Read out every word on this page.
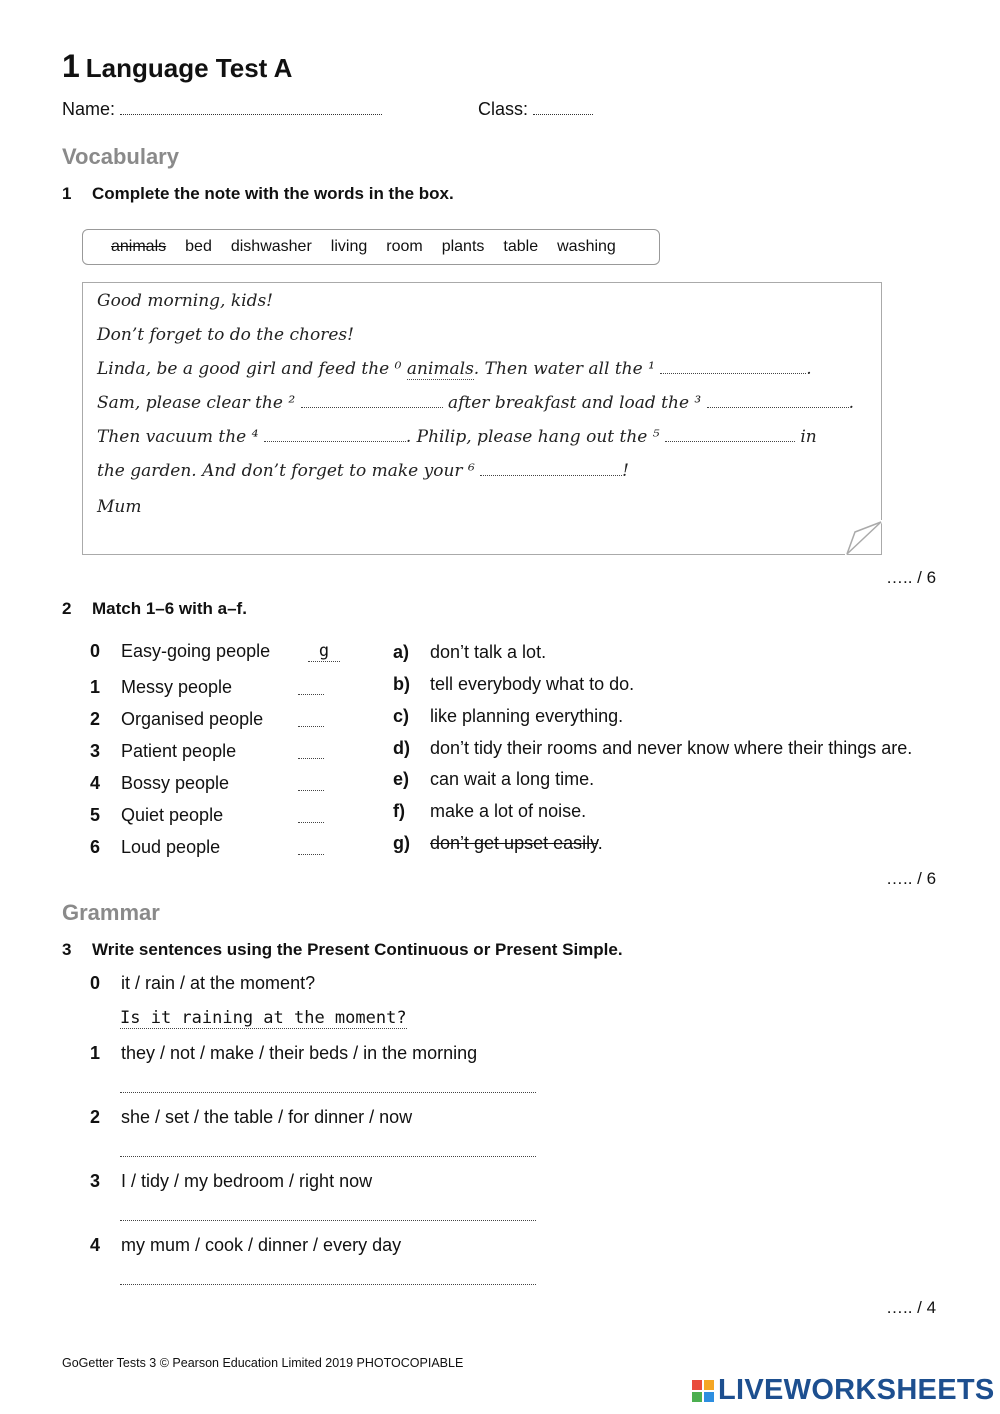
1 Language Test A
Name:	Class:
Vocabulary
1 Complete the note with the words in the box.
animals bed dishwasher living room plants table washing
Good morning, kids!
Don’t forget to do the chores!
Linda, be a good girl and feed the ⁰ animals. Then water all the ¹	.
Sam, please clear the ²	after breakfast and load the ³	.
Then vacuum the ⁴	. Philip, please hang out the ⁵	in
the garden. And don’t forget to make your ⁶	!
Mum
….. / 6
2 Match 1–6 with a–f.
0 Easy-going people	g
1 Messy people
2 Organised people
3 Patient people
4 Bossy people
5 Quiet people
6 Loud people
a) don’t talk a lot.
b) tell everybody what to do.
c) like planning everything.
d) don’t tidy their rooms and never know where their things are.
e) can wait a long time.
f) make a lot of noise.
g) don’t get upset easily.
….. / 6
Grammar
3 Write sentences using the Present Continuous or Present Simple.
0 it / rain / at the moment?
Is it raining at the moment?
1 they / not / make / their beds / in the morning
2 she / set / the table / for dinner / now
3 I / tidy / my bedroom / right now
4 my mum / cook / dinner / every day
….. / 4
GoGetter Tests 3 © Pearson Education Limited 2019 PHOTOCOPIABLE
LIVEWORKSHEETS
